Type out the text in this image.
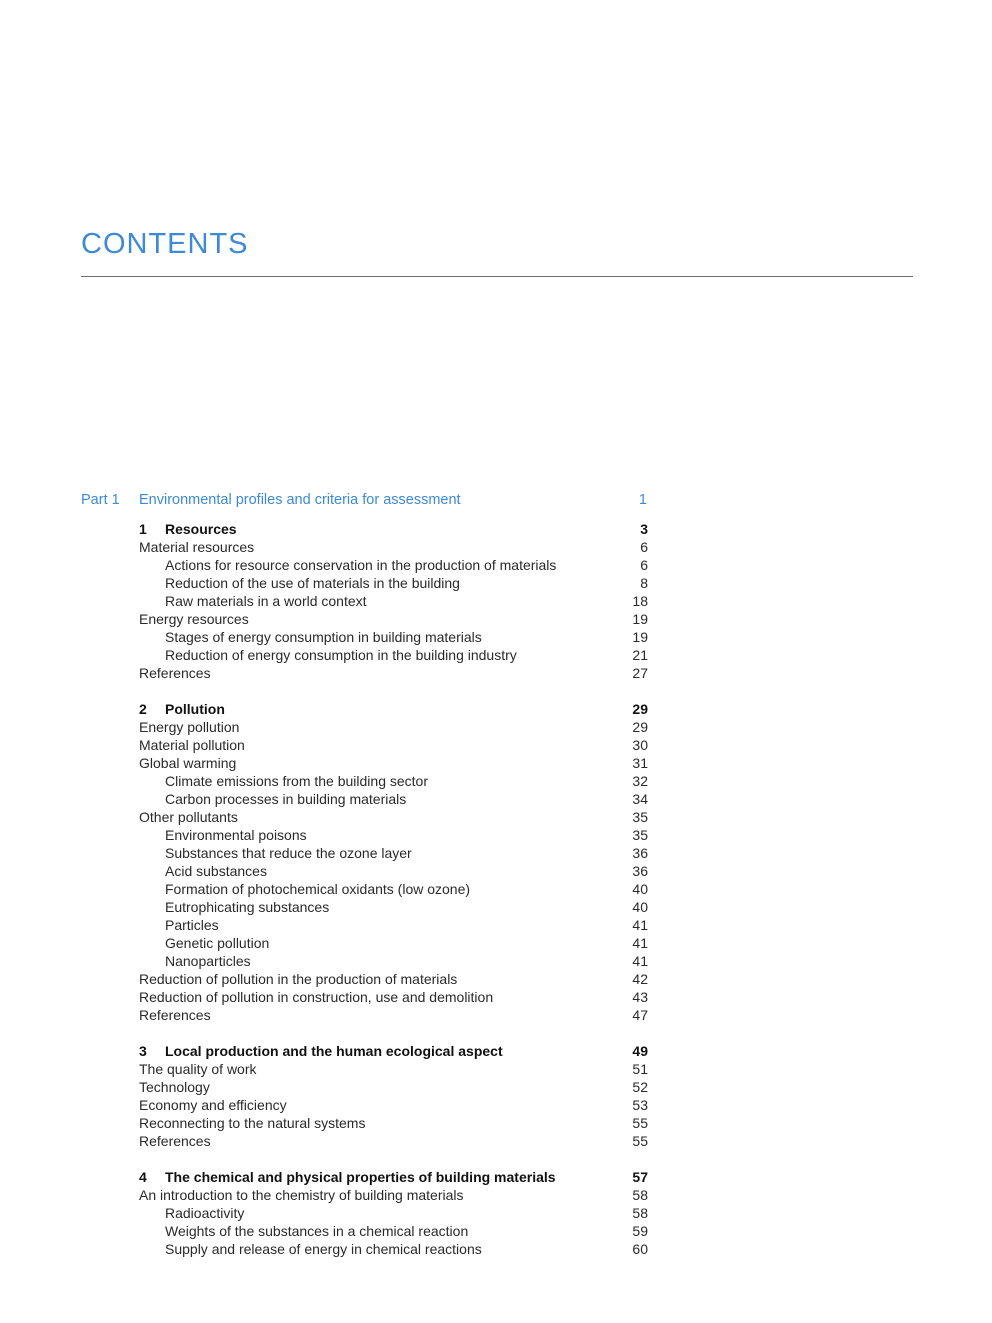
CONTENTS
Part 1 Environmental profiles and criteria for assessment	1
1 Resources	3
Material resources	6
Actions for resource conservation in the production of materials	6
Reduction of the use of materials in the building	8
Raw materials in a world context	18
Energy resources	19
Stages of energy consumption in building materials	19
Reduction of energy consumption in the building industry	21
References	27
2 Pollution	29
Energy pollution	29
Material pollution	30
Global warming	31
Climate emissions from the building sector	32
Carbon processes in building materials	34
Other pollutants	35
Environmental poisons	35
Substances that reduce the ozone layer	36
Acid substances	36
Formation of photochemical oxidants (low ozone)	40
Eutrophicating substances	40
Particles	41
Genetic pollution	41
Nanoparticles	41
Reduction of pollution in the production of materials	42
Reduction of pollution in construction, use and demolition	43
References	47
3 Local production and the human ecological aspect	49
The quality of work	51
Technology	52
Economy and efficiency	53
Reconnecting to the natural systems	55
References	55
4 The chemical and physical properties of building materials	57
An introduction to the chemistry of building materials	58
Radioactivity	58
Weights of the substances in a chemical reaction	59
Supply and release of energy in chemical reactions	60
